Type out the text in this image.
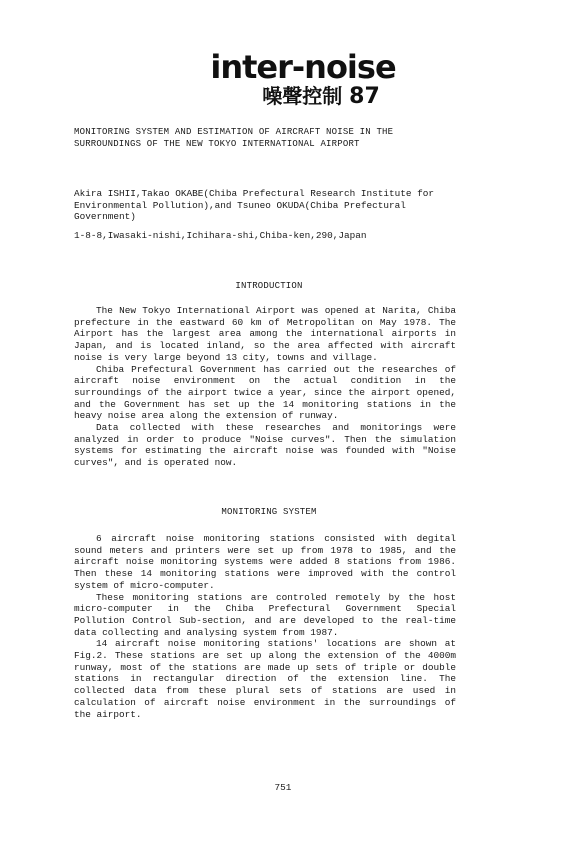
inter-noise
噪聲控制 87
MONITORING SYSTEM AND ESTIMATION OF AIRCRAFT NOISE IN THE
SURROUNDINGS OF THE NEW TOKYO INTERNATIONAL AIRPORT
Akira ISHII,Takao OKABE(Chiba Prefectural Research Institute for Environmental Pollution),and Tsuneo OKUDA(Chiba Prefectural Government)
1-8-8,Iwasaki-nishi,Ichihara-shi,Chiba-ken,290,Japan
INTRODUCTION

The New Tokyo International Airport was opened at Narita, Chiba prefecture in the eastward 60 km of Metropolitan on May 1978. The Airport has the largest area among the international airports in Japan, and is located inland, so the area affected with aircraft noise is very large beyond 13 city, towns and village.

Chiba Prefectural Government has carried out the researches of aircraft noise environment on the actual condition in the surroundings of the airport twice a year, since the airport opened, and the Government has set up the 14 monitoring stations in the heavy noise area along the extension of runway.

Data collected with these researches and monitorings were analyzed in order to produce "Noise curves". Then the simulation systems for estimating the aircraft noise was founded with "Noise curves", and is operated now.

MONITORING SYSTEM

6 aircraft noise monitoring stations consisted with degital sound meters and printers were set up from 1978 to 1985, and the aircraft noise monitoring systems were added 8 stations from 1986. Then these 14 monitoring stations were improved with the control system of micro-computer.

These monitoring stations are controled remotely by the host micro-computer in the Chiba Prefectural Government Special Pollution Control Sub-section, and are developed to the real-time data collecting and analysing system from 1987.

14 aircraft noise monitoring stations' locations are shown at Fig.2. These stations are set up along the extension of the 4000m runway, most of the stations are made up sets of triple or double stations in rectangular direction of the extension line. The collected data from these plural sets of stations are used in calculation of aircraft noise environment in the surroundings of the airport.

751
